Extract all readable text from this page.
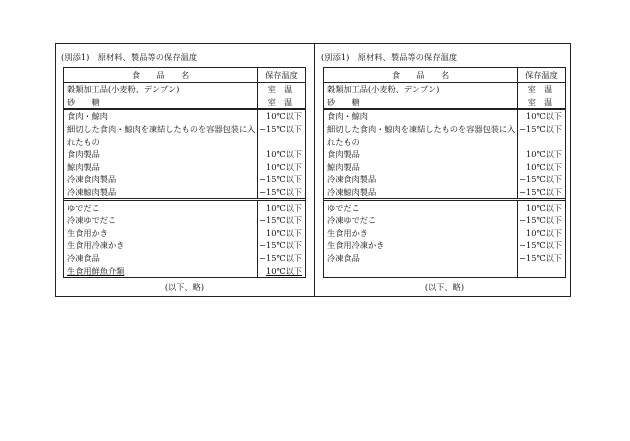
(別添1)　原材料、製品等の保存温度
食　　品　　名	保存温度
穀類加工品(小麦粉、デンプン)
砂　　糖
室　温
室　温
食肉・鯨肉
細切した食肉・鯨肉を凍結したものを容器包装に入
れたもの
食肉製品
鯨肉製品
冷凍食肉製品
冷凍鯨肉製品
10℃以下
−15℃以下
10℃以下
10℃以下
−15℃以下
−15℃以下
ゆでだこ
冷凍ゆでだこ
生食用かき
生食用冷凍かき
冷凍食品
生食用鮮魚介類
10℃以下
−15℃以下
10℃以下
−15℃以下
−15℃以下
10℃以下
(以下、略)
(別添1)　原材料、製品等の保存温度
食　　品　　名	保存温度
穀類加工品(小麦粉、デンプン)
砂　　糖
室　温
室　温
食肉・鯨肉
細切した食肉・鯨肉を凍結したものを容器包装に入
れたもの
食肉製品
鯨肉製品
冷凍食肉製品
冷凍鯨肉製品
10℃以下
−15℃以下
10℃以下
10℃以下
−15℃以下
−15℃以下
ゆでだこ
冷凍ゆでだこ
生食用かき
生食用冷凍かき
冷凍食品
10℃以下
−15℃以下
10℃以下
−15℃以下
−15℃以下
(以下、略)
